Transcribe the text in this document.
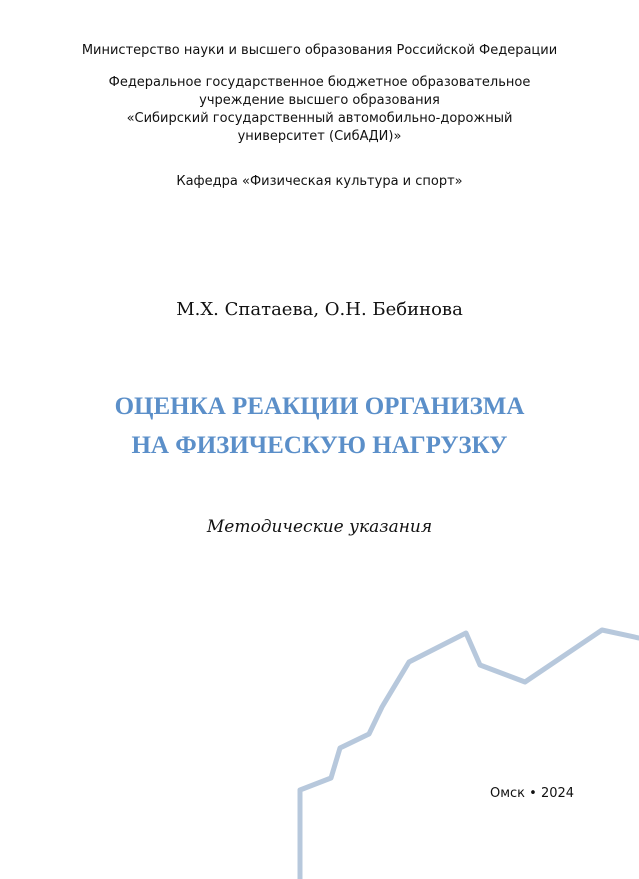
Министерство науки и высшего образования Российской Федерации
Федеральное государственное бюджетное образовательное
учреждение высшего образования
«Сибирский государственный автомобильно-дорожный
университет (СибАДИ)»
Кафедра «Физическая культура и спорт»
М.Х. Спатаева, О.Н. Бебинова
ОЦЕНКА РЕАКЦИИ ОРГАНИЗМА
НА ФИЗИЧЕСКУЮ НАГРУЗКУ
Методические указания
Омск • 2024
